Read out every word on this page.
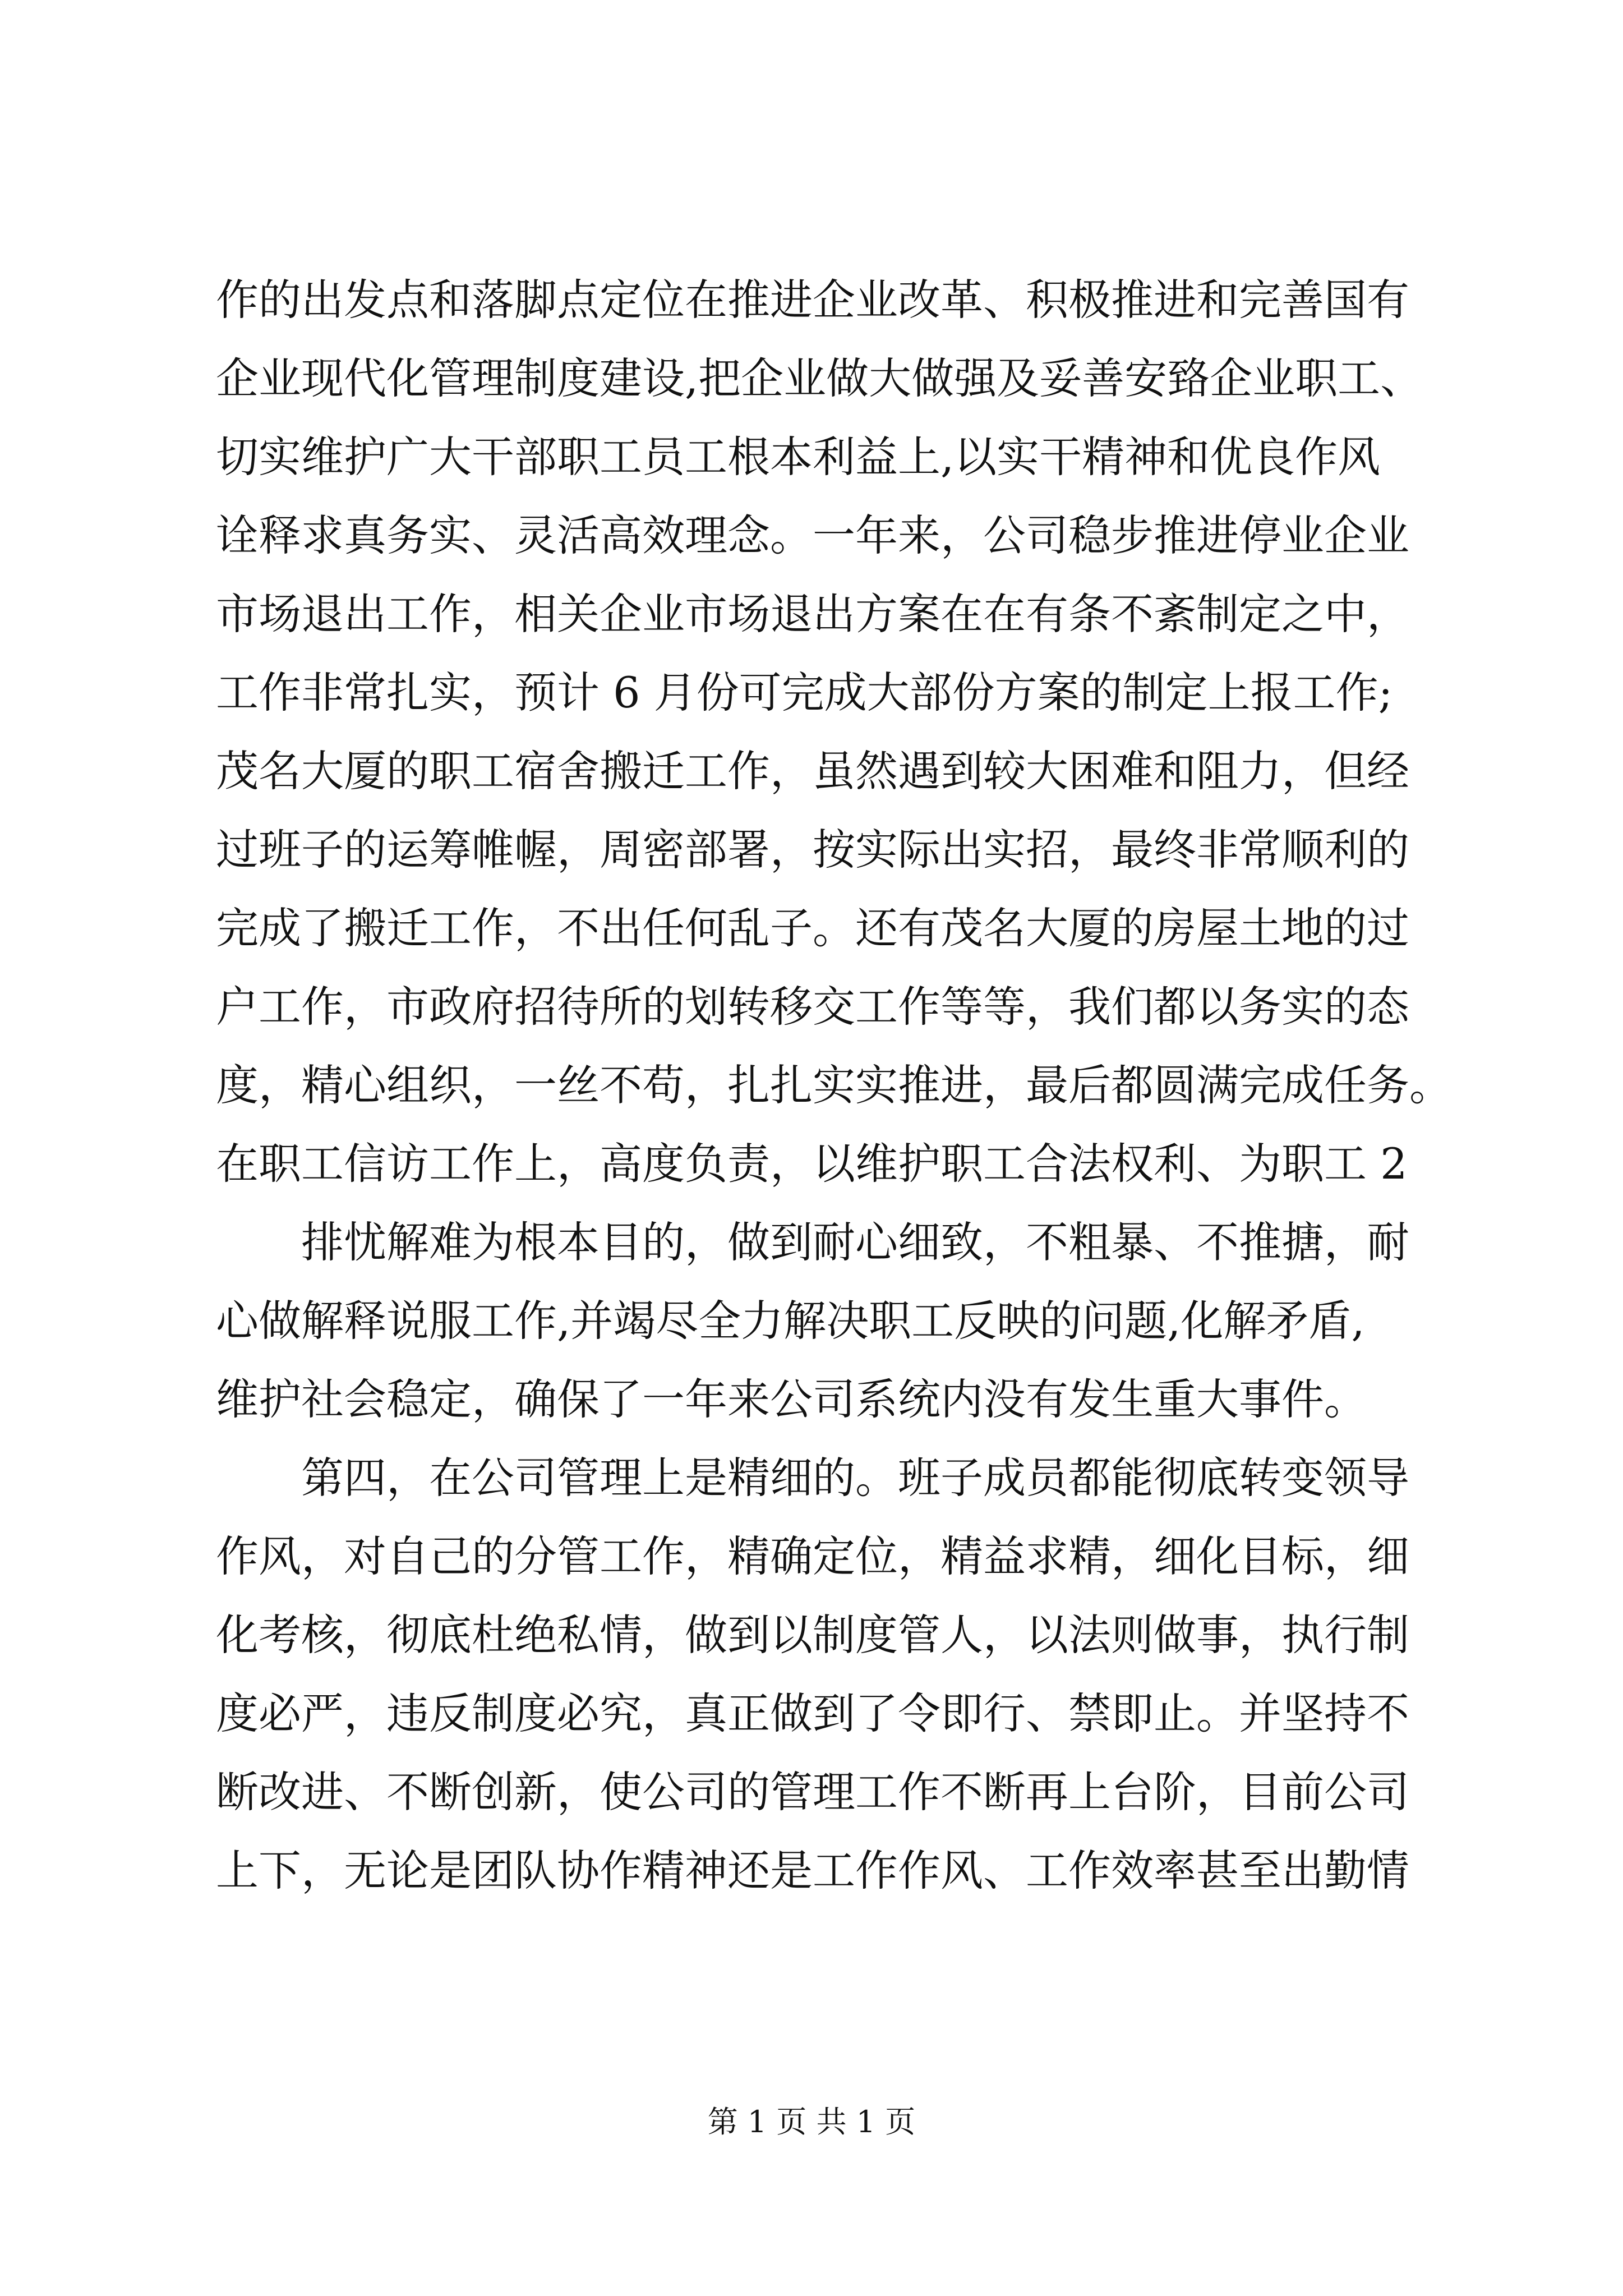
作的出发点和落脚点定位在推进企业改革、积极推进和完善国有
企业现代化管理制度建设,把企业做大做强及妥善安臵企业职工、
切实维护广大干部职工员工根本利益上,以实干精神和优良作风
诠释求真务实、灵活高效理念。一年来，公司稳步推进停业企业
市场退出工作，相关企业市场退出方案在在有条不紊制定之中，
工作非常扎实，预计 6 月份可完成大部份方案的制定上报工作;
茂名大厦的职工宿舍搬迁工作，虽然遇到较大困难和阻力，但经
过班子的运筹帷幄，周密部署，按实际出实招，最终非常顺利的
完成了搬迁工作，不出任何乱子。还有茂名大厦的房屋土地的过
户工作，市政府招待所的划转移交工作等等，我们都以务实的态
度，精心组织，一丝不苟，扎扎实实推进，最后都圆满完成任务。
在职工信访工作上，高度负责，以维护职工合法权利、为职工 2
排忧解难为根本目的，做到耐心细致，不粗暴、不推搪，耐
心做解释说服工作,并竭尽全力解决职工反映的问题,化解矛盾,
维护社会稳定，确保了一年来公司系统内没有发生重大事件。
第四，在公司管理上是精细的。班子成员都能彻底转变领导
作风，对自己的分管工作，精确定位，精益求精，细化目标，细
化考核，彻底杜绝私情，做到以制度管人，以法则做事，执行制
度必严，违反制度必究，真正做到了令即行、禁即止。并坚持不
断改进、不断创新，使公司的管理工作不断再上台阶，目前公司
上下，无论是团队协作精神还是工作作风、工作效率甚至出勤情
第 1 页 共 1 页
